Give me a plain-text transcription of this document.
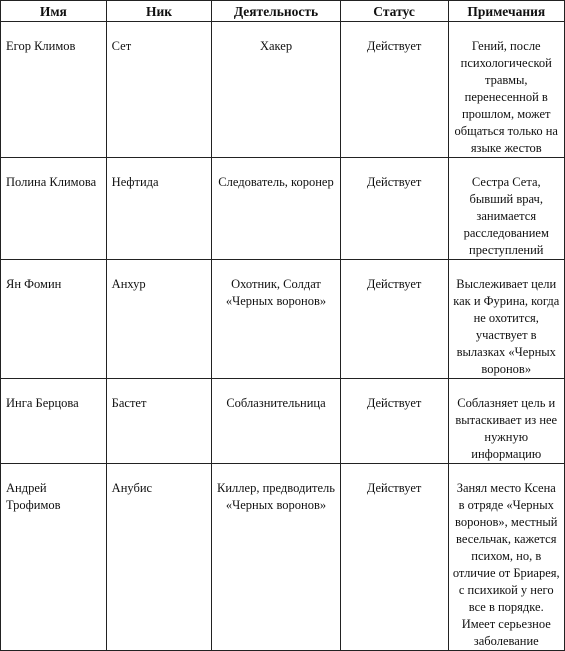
Имя	Ник	Деятельность	Статус	Примечания
Егор Климов	Сет	Хакер	Действует	Гений, после психологической травмы, перенесенной в прошлом, может общаться только на языке жестов
Полина Климова	Нефтида	Следователь, коронер	Действует	Сестра Сета, бывший врач, занимается расследованием преступлений
Ян Фомин	Анхур	Охотник, Солдат «Черных воронов»	Действует	Выслеживает цели как и Фурина, когда не охотится, участвует в вылазках «Черных воронов»
Инга Берцова	Бастет	Соблазнительница	Действует	Соблазняет цель и вытаскивает из нее нужную информацию
Андрей Трофимов	Анубис	Киллер, предводитель «Черных воронов»	Действует	Занял место Ксена в отряде «Черных воронов», местный весельчак, кажется психом, но, в отличие от Бриарея, с психикой у него все в порядке. Имеет серьезное заболевание
